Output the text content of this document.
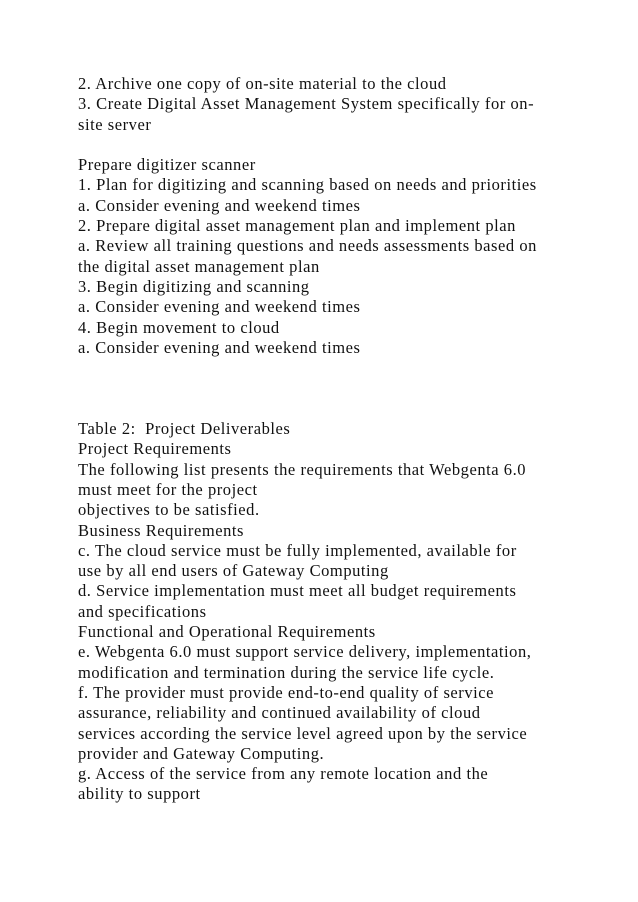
2. Archive one copy of on-site material to the cloud
3. Create Digital Asset Management System specifically for on-
site server
Prepare digitizer scanner
1. Plan for digitizing and scanning based on needs and priorities
a. Consider evening and weekend times
2. Prepare digital asset management plan and implement plan
a. Review all training questions and needs assessments based on
the digital asset management plan
3. Begin digitizing and scanning
a. Consider evening and weekend times
4. Begin movement to cloud
a. Consider evening and weekend times
Table 2:  Project Deliverables
Project Requirements
The following list presents the requirements that Webgenta 6.0
must meet for the project
objectives to be satisfied.
Business Requirements
c. The cloud service must be fully implemented, available for
use by all end users of Gateway Computing
d. Service implementation must meet all budget requirements
and specifications
Functional and Operational Requirements
e. Webgenta 6.0 must support service delivery, implementation,
modification and termination during the service life cycle.
f. The provider must provide end-to-end quality of service
assurance, reliability and continued availability of cloud
services according the service level agreed upon by the service
provider and Gateway Computing.
g. Access of the service from any remote location and the
ability to support
